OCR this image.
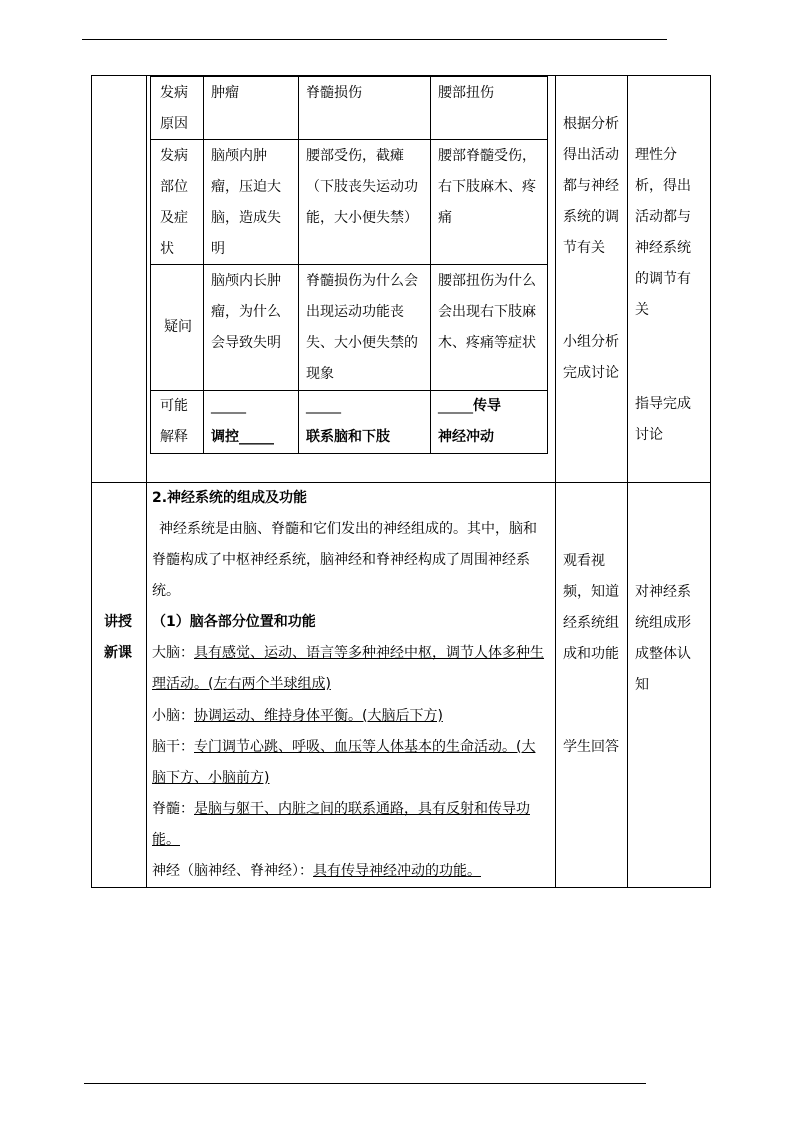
发病原因
肿瘤	脊髓损伤	腰部扭伤
发病部位及症状
脑颅内肿瘤，压迫大脑，造成失明
腰部受伤，截瘫（下肢丧失运动功能，大小便失禁）
腰部脊髓受伤，右下肢麻木、疼痛
疑问
脑颅内长肿瘤，为什么会导致失明
脊髓损伤为什么会出现运动功能丧失、大小便失禁的现象
腰部扭伤为什么会出现右下肢麻木、疼痛等症状
可能解释
_____
调控_____
_____
联系脑和下肢
_____传导
神经冲动
根据分析得出活动都与神经系统的调节有关
小组分析完成讨论
理性分析，得出活动都与神经系统的调节有关
指导完成讨论
讲授新课
2.神经系统的组成及功能
神经系统是由脑、脊髓和它们发出的神经组成的。其中，脑和脊髓构成了中枢神经系统，脑神经和脊神经构成了周围神经系统。
（1）脑各部分位置和功能
大脑：具有感觉、运动、语言等多种神经中枢，调节人体多种生理活动。(左右两个半球组成)
小脑：协调运动、维持身体平衡。(大脑后下方)
脑干：专门调节心跳、呼吸、血压等人体基本的生命活动。(大脑下方、小脑前方)
脊髓：是脑与躯干、内脏之间的联系通路，具有反射和传导功能。
神经（脑神经、脊神经）：具有传导神经冲动的功能。
观看视频，知道经系统组成和功能
学生回答
对神经系统组成形成整体认知
